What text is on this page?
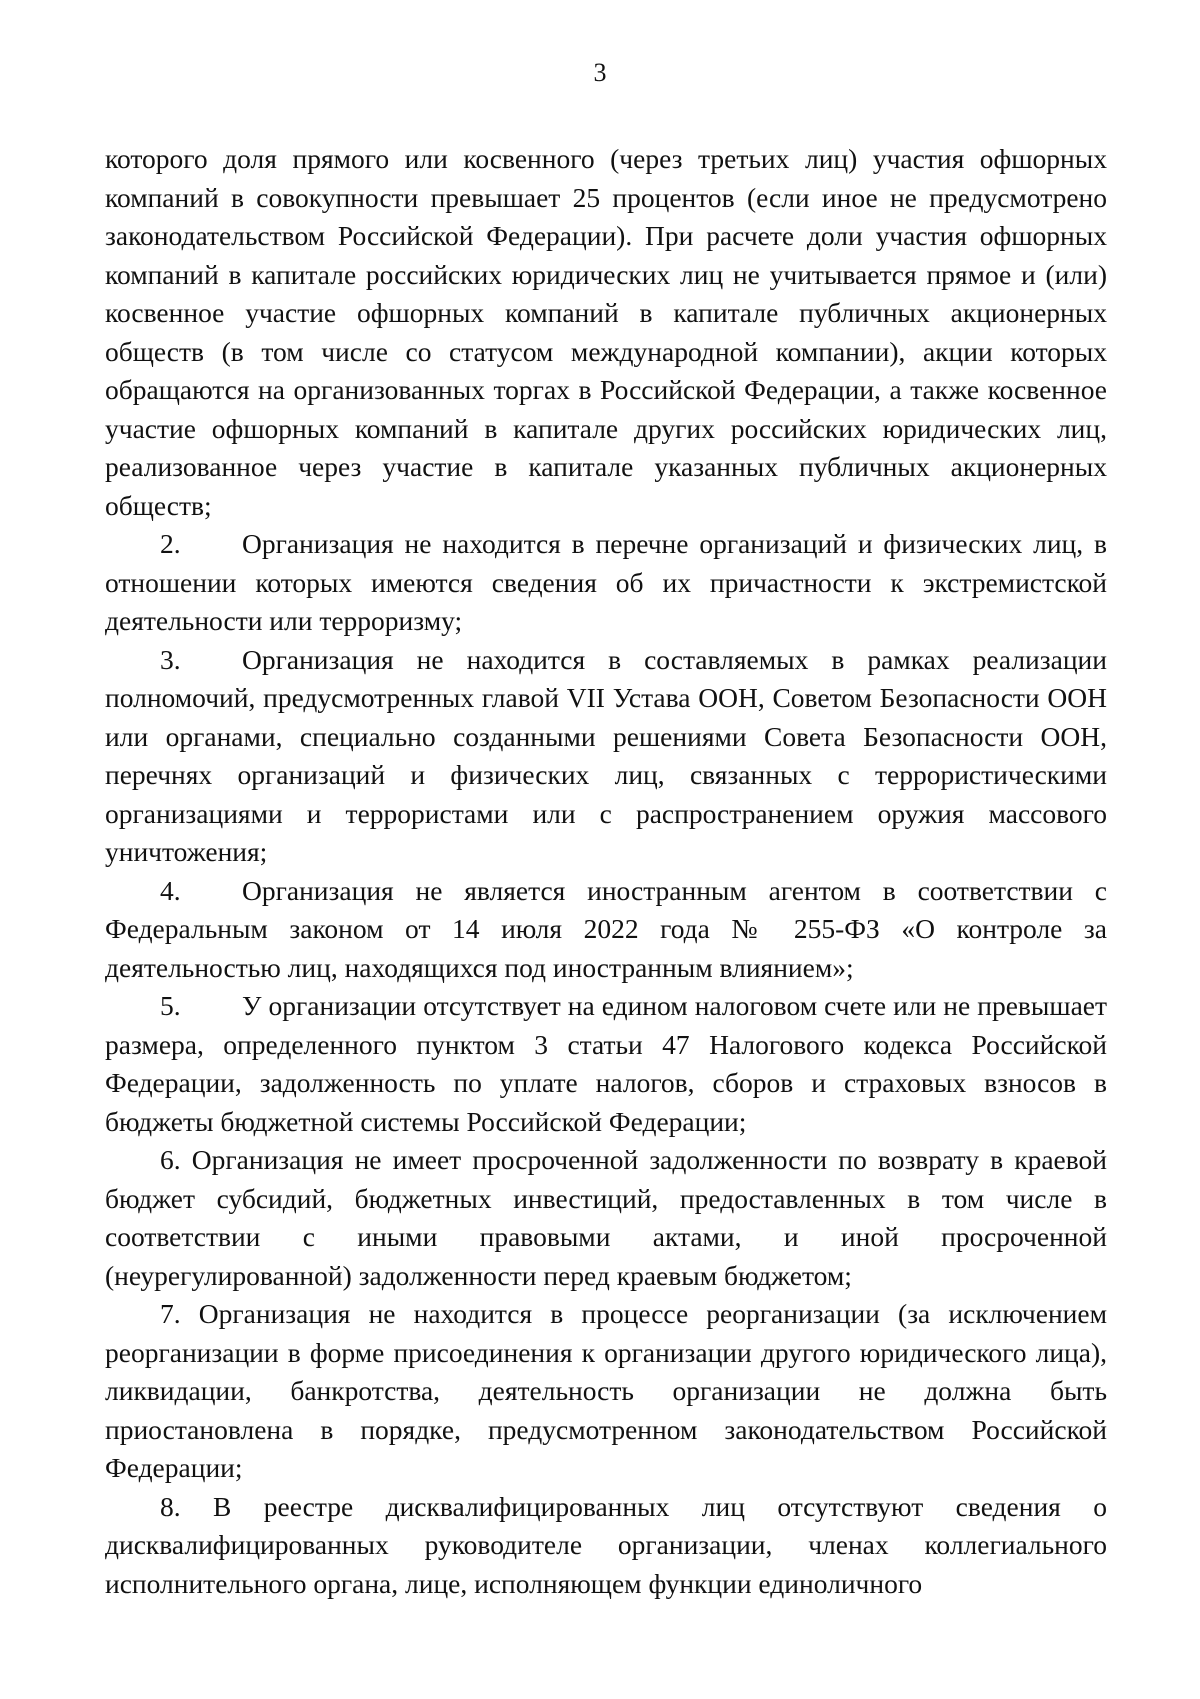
3

которого доля прямого или косвенного (через третьих лиц) участия офшорных компаний в совокупности превышает 25 процентов (если иное не предусмотрено законодательством Российской Федерации). При расчете доли участия офшорных компаний в капитале российских юридических лиц не учитывается прямое и (или) косвенное участие офшорных компаний в капитале публичных акционерных обществ (в том числе со статусом международной компании), акции которых обращаются на организованных торгах в Российской Федерации, а также косвенное участие офшорных компаний в капитале других российских юридических лиц, реализованное через участие в капитале указанных публичных акционерных обществ;

2. Организация не находится в перечне организаций и физических лиц, в отношении которых имеются сведения об их причастности к экстремистской деятельности или терроризму;

3. Организация не находится в составляемых в рамках реализации полномочий, предусмотренных главой VII Устава ООН, Советом Безопасности ООН или органами, специально созданными решениями Совета Безопасности ООН, перечнях организаций и физических лиц, связанных с террористическими организациями и террористами или с распространением оружия массового уничтожения;

4. Организация не является иностранным агентом в соответствии с Федеральным законом от 14 июля 2022 года № 255-ФЗ «О контроле за деятельностью лиц, находящихся под иностранным влиянием»;

5. У организации отсутствует на едином налоговом счете или не превышает размера, определенного пунктом 3 статьи 47 Налогового кодекса Российской Федерации, задолженность по уплате налогов, сборов и страховых взносов в бюджеты бюджетной системы Российской Федерации;

6. Организация не имеет просроченной задолженности по возврату в краевой бюджет субсидий, бюджетных инвестиций, предоставленных в том числе в соответствии с иными правовыми актами, и иной просроченной (неурегулированной) задолженности перед краевым бюджетом;

7. Организация не находится в процессе реорганизации (за исключением реорганизации в форме присоединения к организации другого юридического лица), ликвидации, банкротства, деятельность организации не должна быть приостановлена в порядке, предусмотренном законодательством Российской Федерации;

8. В реестре дисквалифицированных лиц отсутствуют сведения о дисквалифицированных руководителе организации, членах коллегиального исполнительного органа, лице, исполняющем функции единоличного
